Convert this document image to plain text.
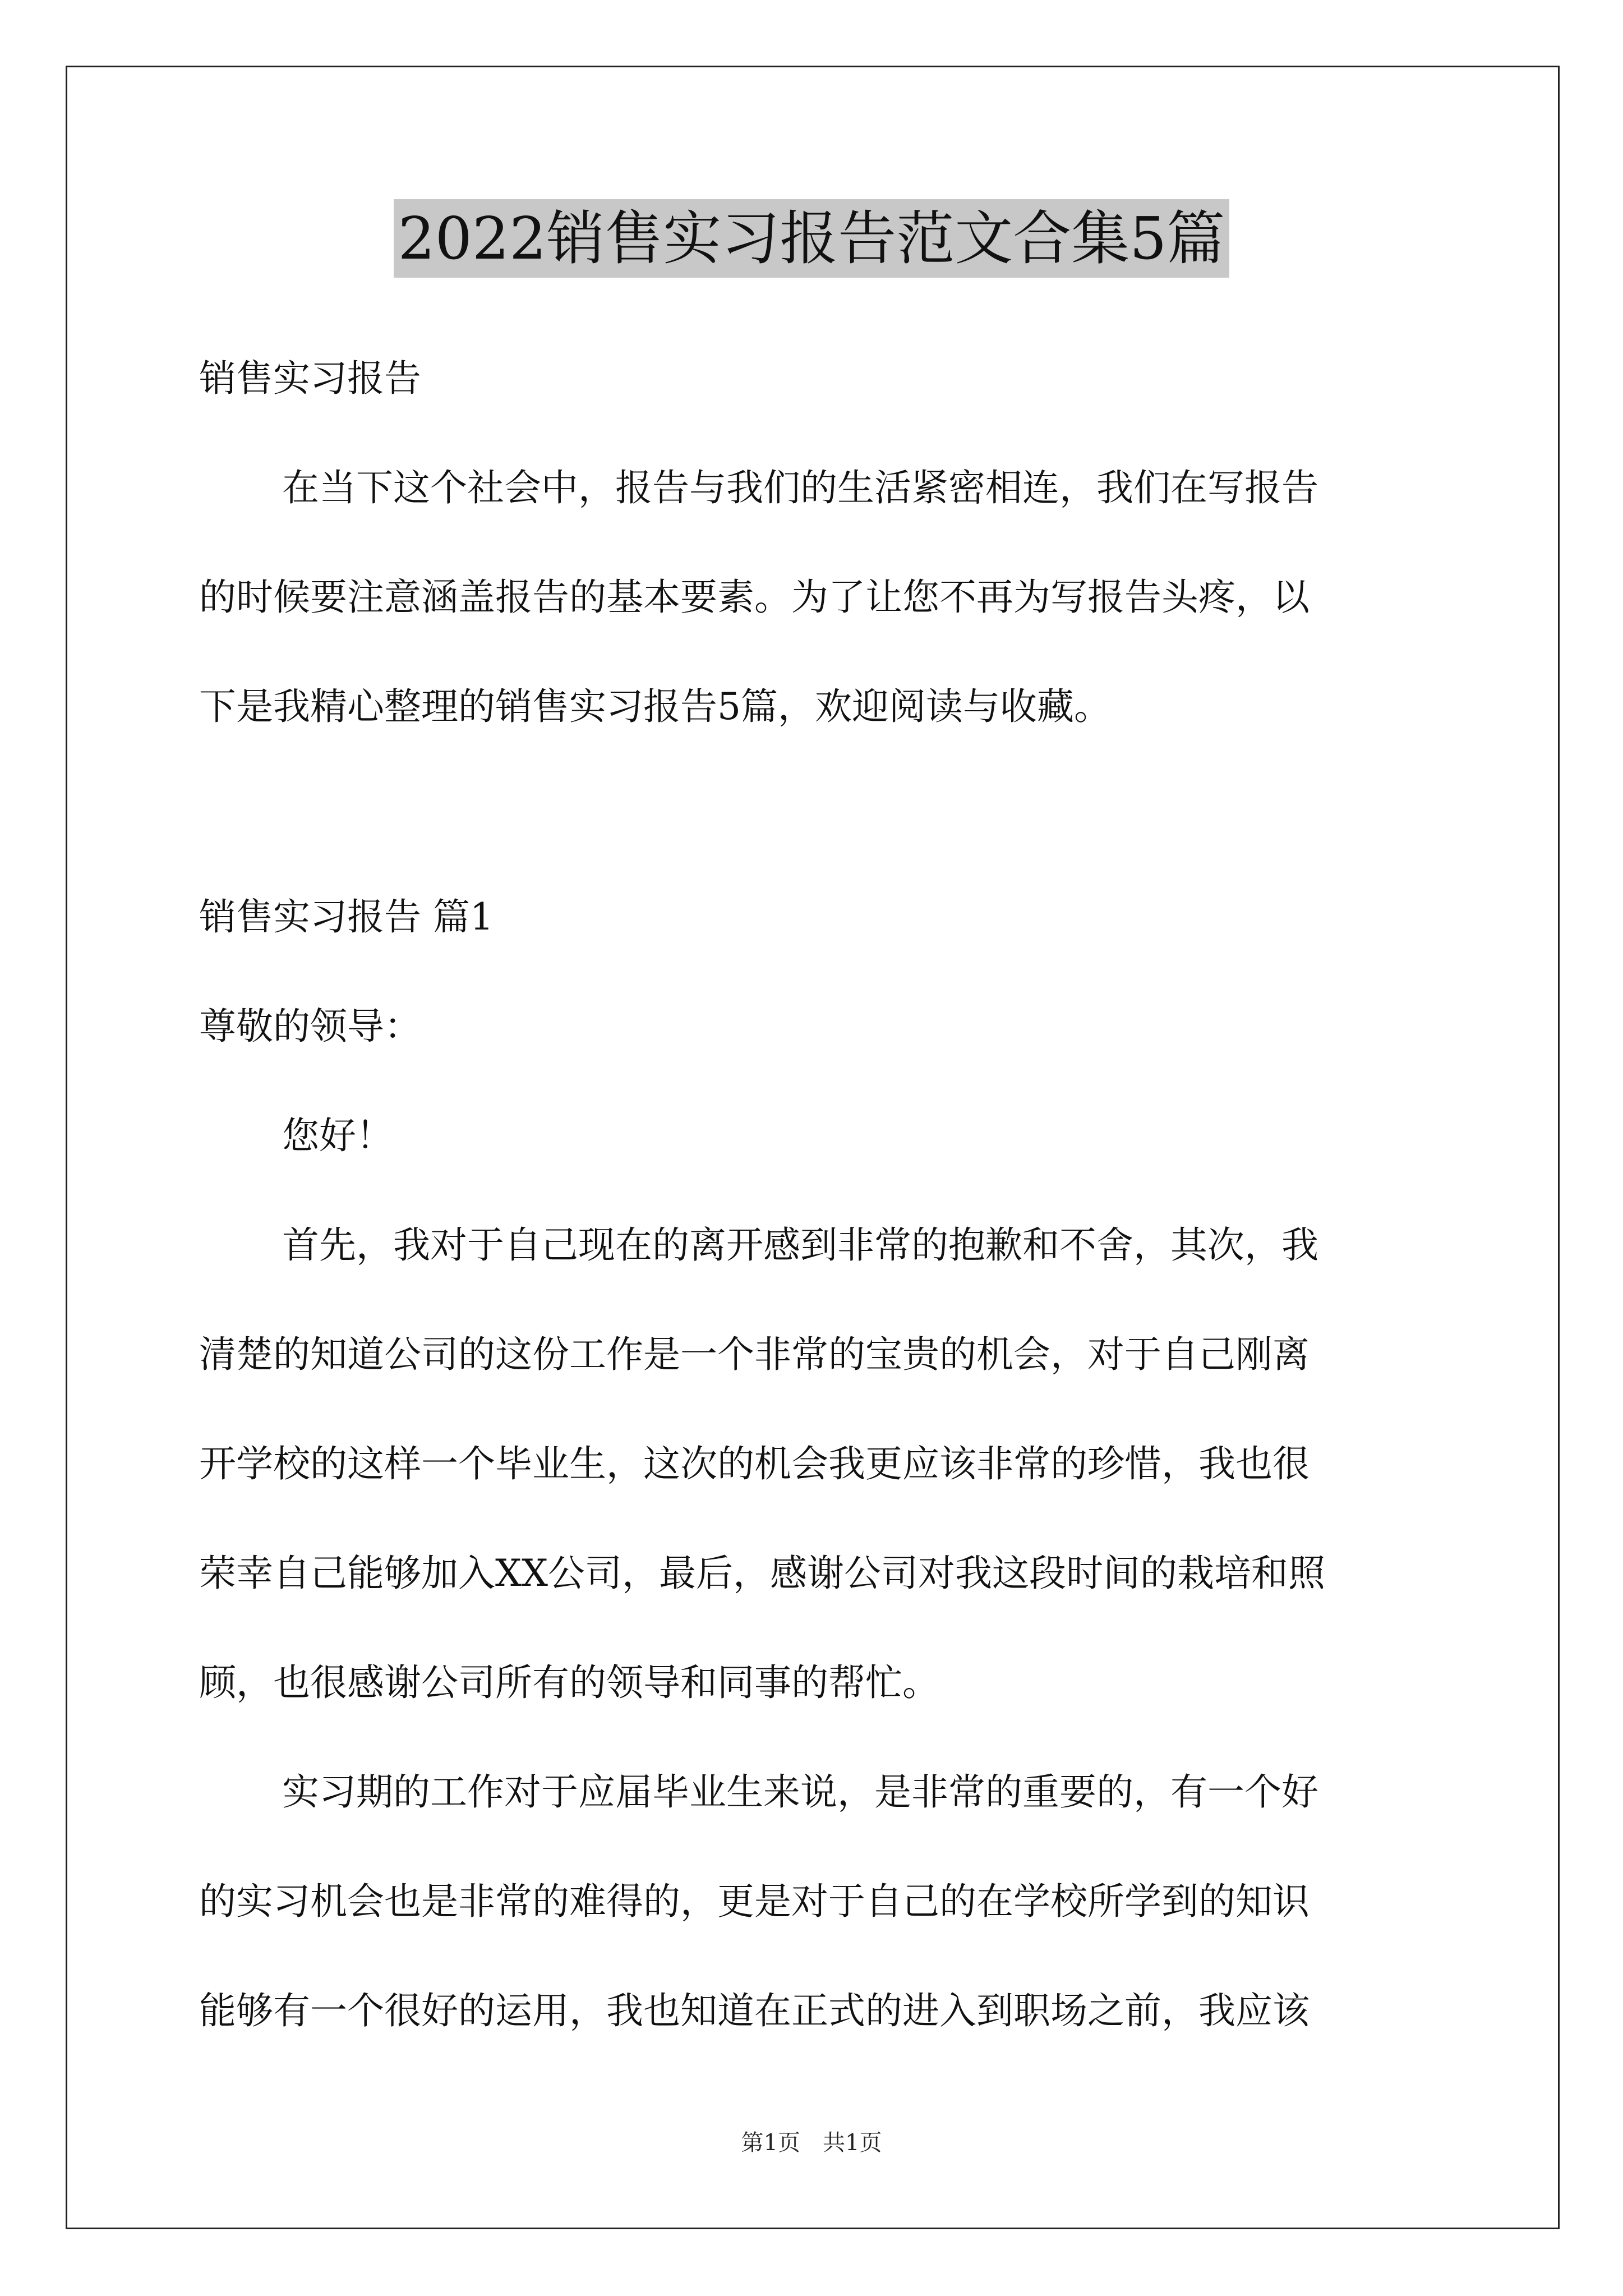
2022销售实习报告范文合集5篇
销售实习报告
在当下这个社会中，报告与我们的生活紧密相连，我们在写报告
的时候要注意涵盖报告的基本要素。为了让您不再为写报告头疼，以
下是我精心整理的销售实习报告5篇，欢迎阅读与收藏。
销售实习报告 篇1
尊敬的领导：
您好！
首先，我对于自己现在的离开感到非常的抱歉和不舍，其次，我
清楚的知道公司的这份工作是一个非常的宝贵的机会，对于自己刚离
开学校的这样一个毕业生，这次的机会我更应该非常的珍惜，我也很
荣幸自己能够加入XX公司，最后，感谢公司对我这段时间的栽培和照
顾，也很感谢公司所有的领导和同事的帮忙。
实习期的工作对于应届毕业生来说，是非常的重要的，有一个好
的实习机会也是非常的难得的，更是对于自己的在学校所学到的知识
能够有一个很好的运用，我也知道在正式的进入到职场之前，我应该
第1页　共1页
